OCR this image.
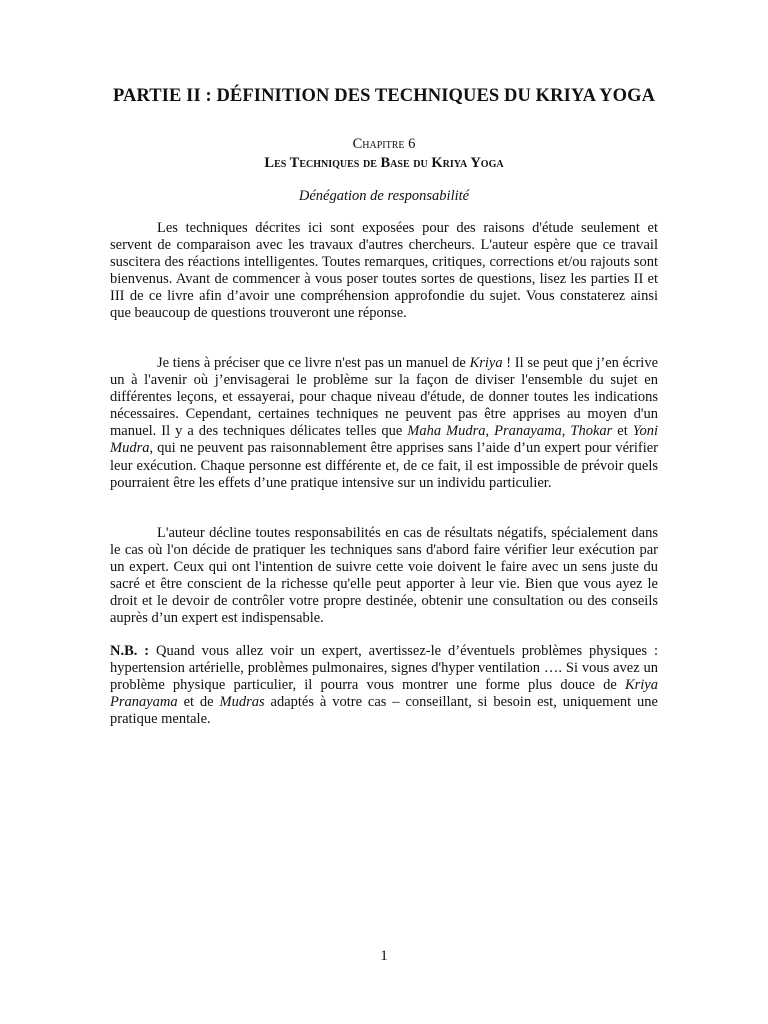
PARTIE II : DÉFINITION DES TECHNIQUES DU KRIYA YOGA

Chapitre 6

Les Techniques de Base du Kriya Yoga

Dénégation de responsabilité

Les techniques décrites ici sont exposées pour des raisons d'étude seulement et servent de comparaison avec les travaux d'autres chercheurs. L'auteur espère que ce travail suscitera des réactions intelligentes. Toutes remarques, critiques, corrections et/ou rajouts sont bienvenus. Avant de commencer à vous poser toutes sortes de questions, lisez les parties II et III de ce livre afin d’avoir une compréhension approfondie du sujet. Vous constaterez ainsi que beaucoup de questions trouveront une réponse.

Je tiens à préciser que ce livre n'est pas un manuel de Kriya ! Il se peut que j’en écrive un à l'avenir où j’envisagerai le problème sur la façon de diviser l'ensemble du sujet en différentes leçons, et essayerai, pour chaque niveau d'étude, de donner toutes les indications nécessaires. Cependant, certaines techniques ne peuvent pas être apprises au moyen d'un manuel. Il y a des techniques délicates telles que Maha Mudra, Pranayama, Thokar et Yoni Mudra, qui ne peuvent pas raisonnablement être apprises sans l’aide d’un expert pour vérifier leur exécution. Chaque personne est différente et, de ce fait, il est impossible de prévoir quels pourraient être les effets d’une pratique intensive sur un individu particulier.

L'auteur décline toutes responsabilités en cas de résultats négatifs, spécialement dans le cas où l'on décide de pratiquer les techniques sans d'abord faire vérifier leur exécution par un expert. Ceux qui ont l'intention de suivre cette voie doivent le faire avec un sens juste du sacré et être conscient de la richesse qu'elle peut apporter à leur vie. Bien que vous ayez le droit et le devoir de contrôler votre propre destinée, obtenir une consultation ou des conseils auprès d’un expert est indispensable.

N.B. : Quand vous allez voir un expert, avertissez-le d’éventuels problèmes physiques : hypertension artérielle, problèmes pulmonaires, signes d'hyper ventilation …. Si vous avez un problème physique particulier, il pourra vous montrer une forme plus douce de Kriya Pranayama et de Mudras adaptés à votre cas – conseillant, si besoin est, uniquement une pratique mentale.

1
